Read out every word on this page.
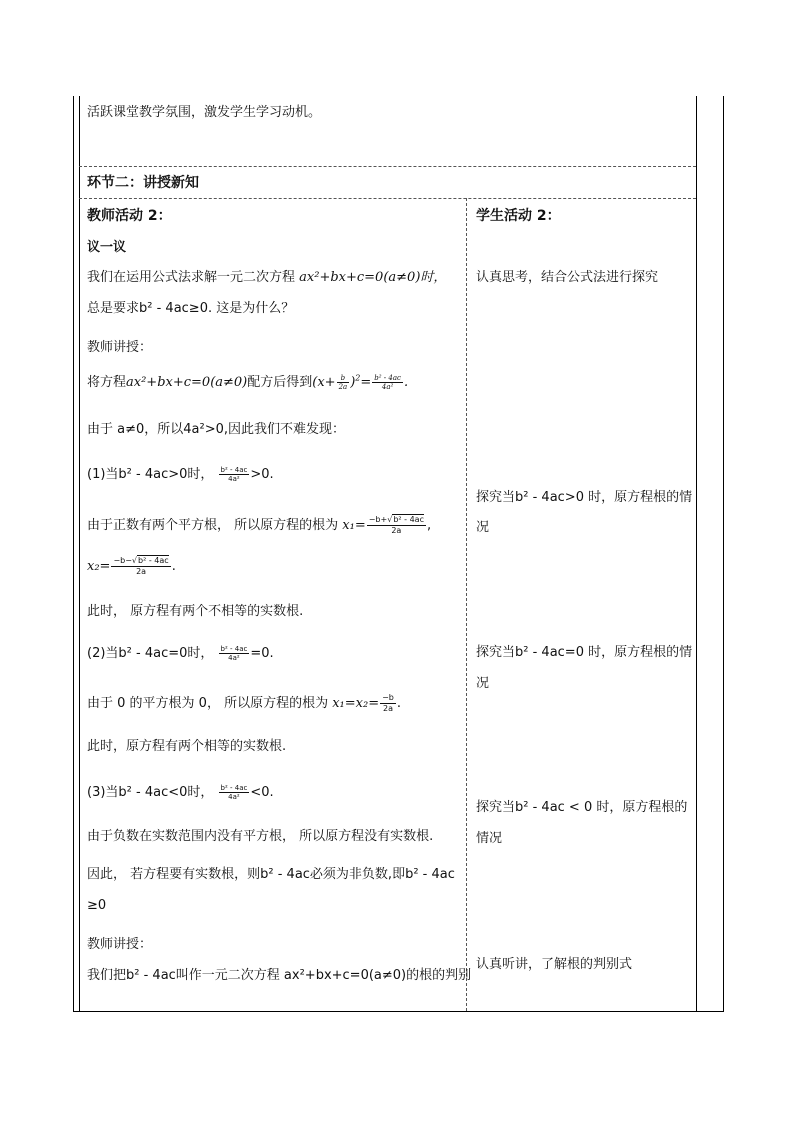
活跃课堂教学氛围，激发学生学习动机。
环节二：讲授新知
教师活动 2：
议一议
我们在运用公式法求解一元二次方程 ax²+bx+c=0(a≠0)时，
总是要求b² - 4ac≥0. 这是为什么？
教师讲授：
将方程ax²+bx+c=0(a≠0)配方后得到$(x+ \frac{b}{2a} )^2= \frac{\text{b² - 4ac}}{\text{4a²}}$ .
由于 a≠0，所以4a²>0,因此我们不难发现：
(1)当b² - 4ac>0时， $\frac{\text{b² - 4ac}}{\text{4a²}} >0$.
由于正数有两个平方根， 所以原方程的根为 $x_1= \frac{\text{−b+√b² - 4ac}}{2a}$ ,
$x_2= \frac{\text{−b−√b² - 4ac}}{2a}$ .
此时， 原方程有两个不相等的实数根.
(2)当b² - 4ac=0时， $\frac{\text{b² - 4ac}}{\text{4a²}} =0$.
由于 0 的平方根为 0， 所以原方程的根为 $x_1=x_2= \frac{-b}{2a}$ .
此时，原方程有两个相等的实数根.
(3)当b² - 4ac<0时， $\frac{\text{b² - 4ac}}{\text{4a²}} <0$.
由于负数在实数范围内没有平方根， 所以原方程没有实数根.
因此， 若方程要有实数根，则b² - 4ac必须为非负数,即b² - 4ac
≥0
教师讲授：
我们把b² - 4ac叫作一元二次方程 ax²+bx+c=0(a≠0)的根的判别
学生活动 2：
认真思考，结合公式法进行探究
探究当b² - 4ac>0 时，原方程根的情
况
探究当b² - 4ac=0 时，原方程根的情
况
探究当b² - 4ac < 0 时，原方程根的
情况
认真听讲，了解根的判别式
